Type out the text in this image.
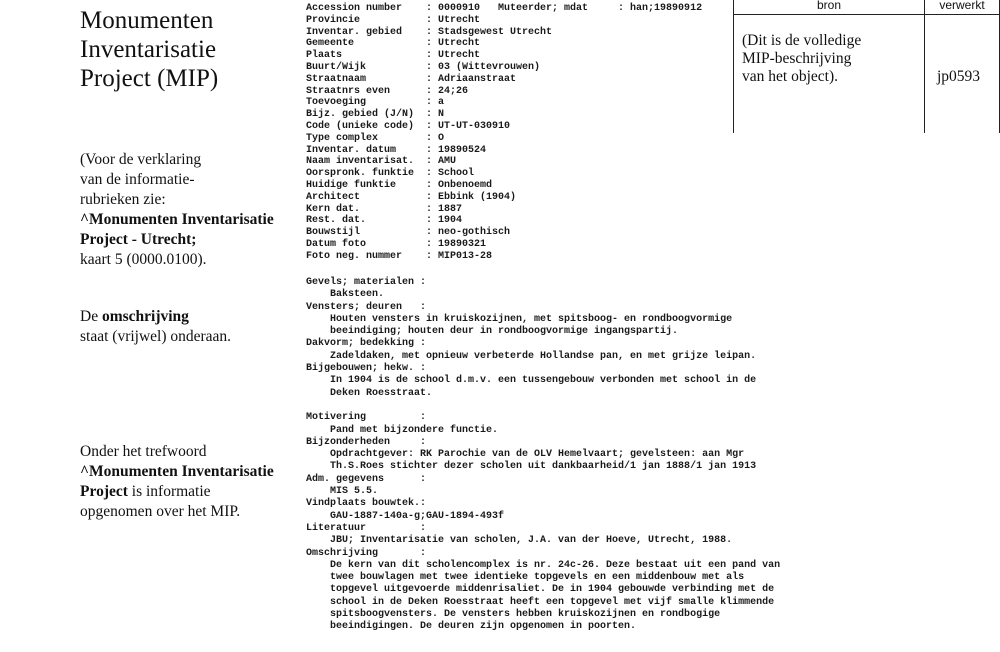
Monumenten
Inventarisatie
Project (MIP)
(Voor de verklaring
van de informatie-
rubrieken zie:
^Monumenten Inventarisatie
Project - Utrecht;
kaart 5 (0000.0100).
De omschrijving
staat (vrijwel) onderaan.
Onder het trefwoord
^Monumenten Inventarisatie
Project is informatie
opgenomen over het MIP.
Accession number    : 0000910   Muteerder; mdat     : han;19890912
Provincie           : Utrecht
Inventar. gebied    : Stadsgewest Utrecht
Gemeente            : Utrecht
Plaats              : Utrecht
Buurt/Wijk          : 03 (Wittevrouwen)
Straatnaam          : Adriaanstraat
Straatnrs even      : 24;26
Toevoeging          : a
Bijz. gebied (J/N)  : N
Code (unieke code)  : UT-UT-030910
Type complex        : O
Inventar. datum     : 19890524
Naam inventarisat.  : AMU
Oorspronk. funktie  : School
Huidige funktie     : Onbenoemd
Architect           : Ebbink (1904)
Kern dat.           : 1887
Rest. dat.          : 1904
Bouwstijl           : neo-gothisch
Datum foto          : 19890321
Foto neg. nummer    : MIP013-28
Gevels; materialen :
Baksteen.
Vensters; deuren   :
Houten vensters in kruiskozijnen, met spitsboog- en rondboogvormige
beeindiging; houten deur in rondboogvormige ingangspartij.
Dakvorm; bedekking :
Zadeldaken, met opnieuw verbeterde Hollandse pan, en met grijze leipan.
Bijgebouwen; hekw. :
In 1904 is de school d.m.v. een tussengebouw verbonden met school in de
Deken Roesstraat.

Motivering         :
Pand met bijzondere functie.
Bijzonderheden     :
Opdrachtgever: RK Parochie van de OLV Hemelvaart; gevelsteen: aan Mgr
Th.S.Roes stichter dezer scholen uit dankbaarheid/1 jan 1888/1 jan 1913
Adm. gegevens      :
MIS 5.5.
Vindplaats bouwtek.:
GAU-1887-140a-g;GAU-1894-493f
Literatuur         :
JBU; Inventarisatie van scholen, J.A. van der Hoeve, Utrecht, 1988.
Omschrijving       :
De kern van dit scholencomplex is nr. 24c-26. Deze bestaat uit een pand van
twee bouwlagen met twee identieke topgevels en een middenbouw met als
topgevel uitgevoerde middenrisaliet. De in 1904 gebouwde verbinding met de
school in de Deken Roesstraat heeft een topgevel met vijf smalle klimmende
spitsboogvensters. De vensters hebben kruiskozijnen en rondbogige
beeindigingen. De deuren zijn opgenomen in poorten.
bron	verwerkt
(Dit is de volledige
MIP-beschrijving
van het object).	jp0593
